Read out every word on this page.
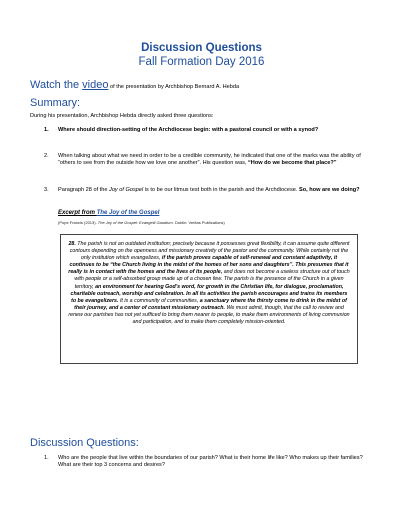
Discussion Questions
Fall Formation Day 2016
Watch the video of the presentation by Archbishop Bernard A. Hebda
Summary:
During his presentation, Archbishop Hebda directly asked three questions:
1. Where should direction-setting of the Archdiocese begin: with a pastoral council or with a synod?
2. When talking about what we need in order to be a credible community, he indicated that one of the marks was the ability of “others to see from the outside how we love one another”. His question was, “How do we become that place?”
3. Paragraph 28 of the Joy of Gospel is to be our litmus test both in the parish and the Archdiocese. So, how are we doing?
Excerpt from The Joy of the Gospel
(Pope Francis (2013). The Joy of the Gospel: Evangelii Gaudium. Dublin: Veritas Publications)
28. The parish is not an outdated institution; precisely because it possesses great flexibility, it can assume quite different contours depending on the openness and missionary creativity of the pastor and the community. While certainly not the only institution which evangelizes, if the parish proves capable of self-renewal and constant adaptivity, it continues to be “the Church living in the midst of the homes of her sons and daughters”. This presumes that it really is in contact with the homes and the lives of its people, and does not become a useless structure out of touch with people or a self-absorbed group made up of a chosen few. The parish is the presence of the Church in a given territory, an environment for hearing God’s word, for growth in the Christian life, for dialogue, proclamation, charitable outreach, worship and celebration. In all its activities the parish encourages and trains its members to be evangelizers. It is a community of communities, a sanctuary where the thirsty come to drink in the midst of their journey, and a center of constant missionary outreach. We must admit, though, that the call to review and renew our parishes has not yet sufficed to bring them nearer to people, to make them environments of living communion and participation, and to make them completely mission-oriented.
Discussion Questions:
1. Who are the people that live within the boundaries of our parish? What is their home life like? Who makes up their families? What are their top 3 concerns and desires?
